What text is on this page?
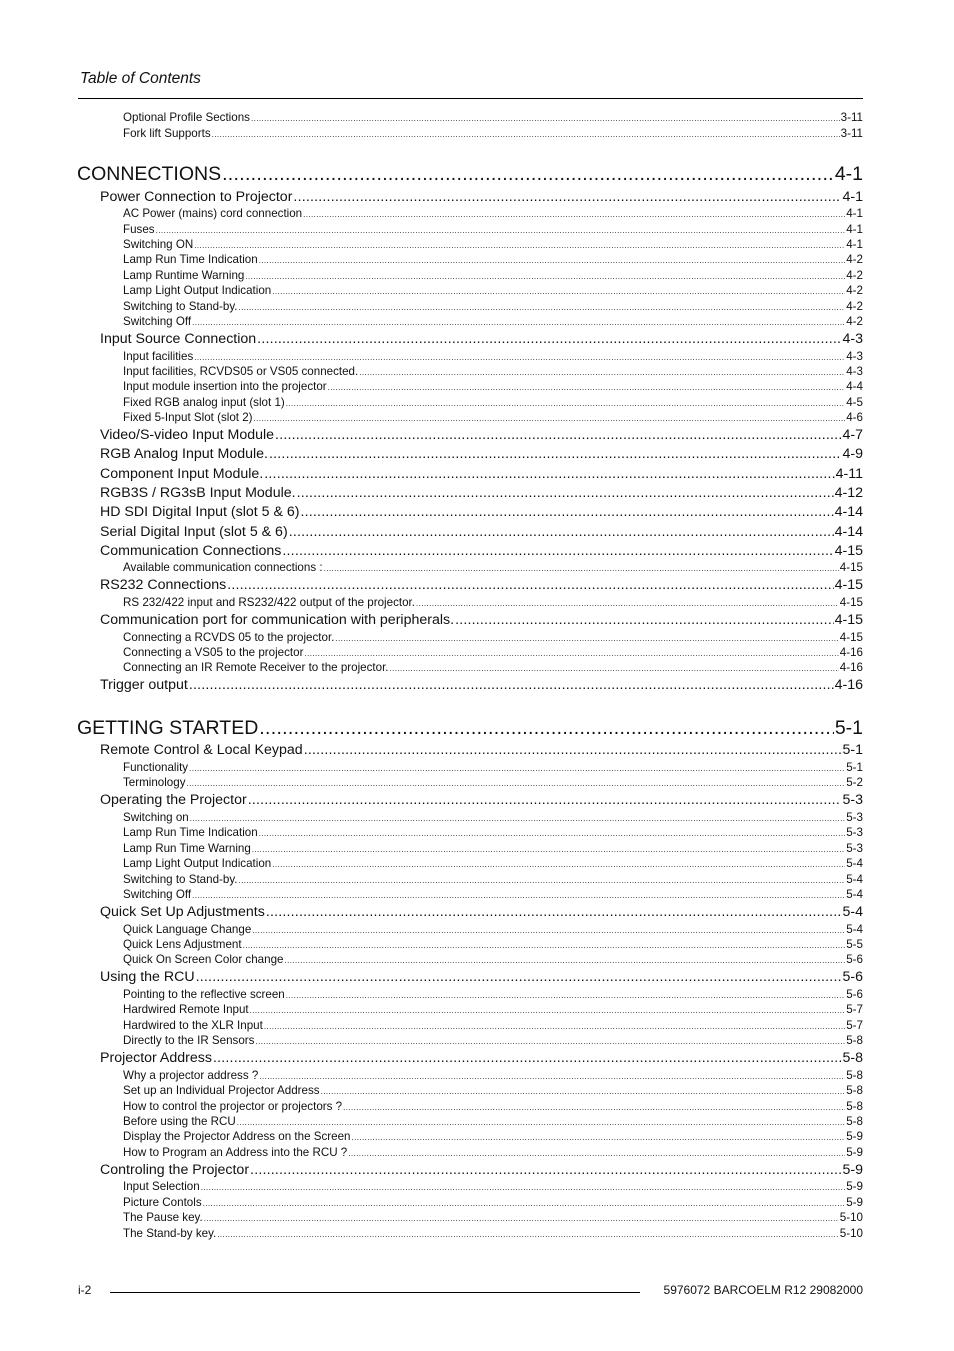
Table of Contents
Optional Profile Sections .....	3-11
Fork lift Supports .....	3-11
CONNECTIONS .....	4-1
Power Connection to Projector .....	4-1
AC Power (mains) cord connection .....	4-1
Fuses .....	4-1
Switching ON .....	4-1
Lamp Run Time Indication .....	4-2
Lamp Runtime Warning .....	4-2
Lamp Light Output Indication .....	4-2
Switching to Stand-by. .....	4-2
Switching Off .....	4-2
Input Source Connection .....	4-3
Input facilities .....	4-3
Input facilities, RCVDS05 or VS05 connected. .....	4-3
Input module insertion into the projector .....	4-4
Fixed RGB analog input (slot 1) .....	4-5
Fixed 5-Input Slot (slot 2) .....	4-6
Video/S-video Input Module .....	4-7
RGB Analog Input Module. .....	4-9
Component Input Module. .....	4-11
RGB3S / RG3sB Input Module. .....	4-12
HD SDI Digital Input (slot 5 & 6) .....	4-14
Serial Digital Input (slot 5 & 6) .....	4-14
Communication Connections .....	4-15
Available communication connections : .....	4-15
RS232 Connections .....	4-15
RS 232/422 input and RS232/422 output of the projector. .....	4-15
Communication port for communication with peripherals. .....	4-15
Connecting a RCVDS 05 to the projector. .....	4-15
Connecting a VS05 to the projector .....	4-16
Connecting an IR Remote Receiver to the projector. .....	4-16
Trigger output .....	4-16
GETTING STARTED .....	5-1
Remote Control & Local Keypad .....	5-1
Functionality .....	5-1
Terminology .....	5-2
Operating the Projector .....	5-3
Switching on .....	5-3
Lamp Run Time Indication .....	5-3
Lamp Run Time Warning .....	5-3
Lamp Light Output Indication .....	5-4
Switching to Stand-by. .....	5-4
Switching Off .....	5-4
Quick Set Up Adjustments .....	5-4
Quick Language Change .....	5-4
Quick Lens Adjustment .....	5-5
Quick On Screen Color change .....	5-6
Using the RCU .....	5-6
Pointing to the reflective screen .....	5-6
Hardwired Remote Input .....	5-7
Hardwired to the XLR Input .....	5-7
Directly to the IR Sensors .....	5-8
Projector Address .....	5-8
Why a projector address ? .....	5-8
Set up an Individual Projector Address .....	5-8
How to control the projector or projectors ? .....	5-8
Before using the RCU .....	5-8
Display the Projector Address on the Screen .....	5-9
How to Program an Address into the RCU ? .....	5-9
Controling the Projector .....	5-9
Input Selection .....	5-9
Picture Contols .....	5-9
The Pause key. .....	5-10
The Stand-by key. .....	5-10
i-2	5976072 BARCOELM R12 29082000
